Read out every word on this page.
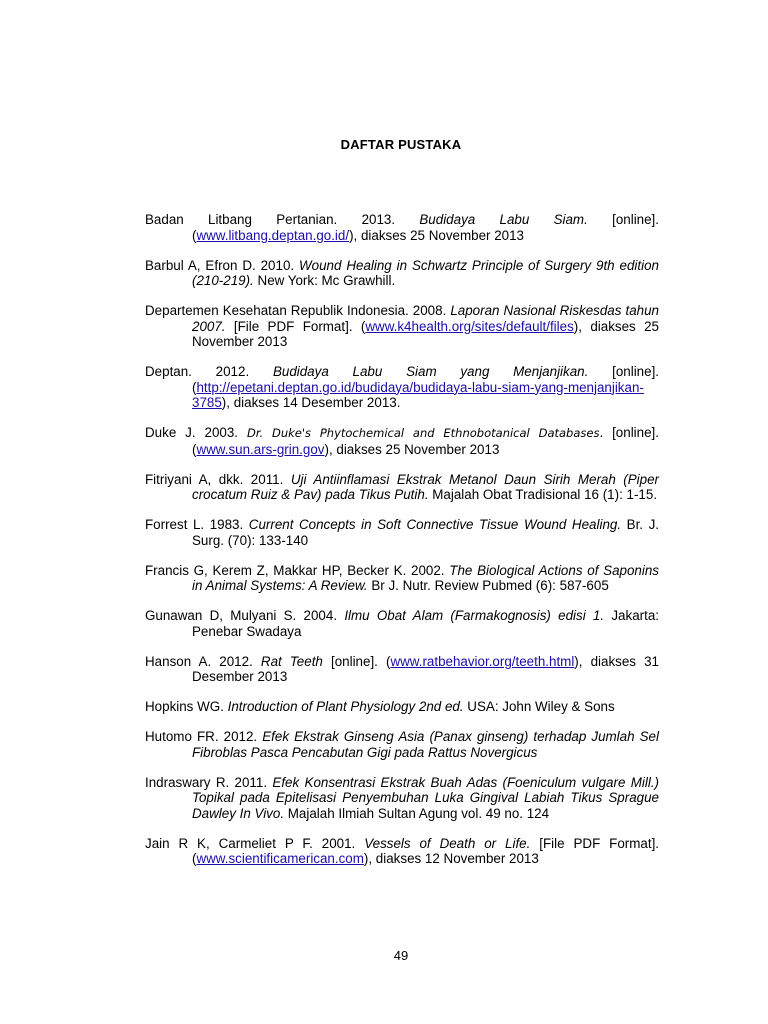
DAFTAR PUSTAKA

Badan Litbang Pertanian. 2013. Budidaya Labu Siam. [online]. (www.litbang.deptan.go.id/), diakses 25 November 2013

Barbul A, Efron D. 2010. Wound Healing in Schwartz Principle of Surgery 9th edition (210-219). New York: Mc Grawhill.

Departemen Kesehatan Republik Indonesia. 2008. Laporan Nasional Riskesdas tahun 2007. [File PDF Format]. (www.k4health.org/sites/default/files), diakses 25 November 2013

Deptan. 2012. Budidaya Labu Siam yang Menjanjikan. [online]. (http://epetani.deptan.go.id/budidaya/budidaya-labu-siam-yang-menjanjikan-3785), diakses 14 Desember 2013.

Duke J. 2003. Dr. Duke's Phytochemical and Ethnobotanical Databases. [online]. (www.sun.ars-grin.gov), diakses 25 November 2013

Fitriyani A, dkk. 2011. Uji Antiinflamasi Ekstrak Metanol Daun Sirih Merah (Piper crocatum Ruiz & Pav) pada Tikus Putih. Majalah Obat Tradisional 16 (1): 1-15.

Forrest L. 1983. Current Concepts in Soft Connective Tissue Wound Healing. Br. J. Surg. (70): 133-140

Francis G, Kerem Z, Makkar HP, Becker K. 2002. The Biological Actions of Saponins in Animal Systems: A Review. Br J. Nutr. Review Pubmed (6): 587-605

Gunawan D, Mulyani S. 2004. Ilmu Obat Alam (Farmakognosis) edisi 1. Jakarta: Penebar Swadaya

Hanson A. 2012. Rat Teeth [online]. (www.ratbehavior.org/teeth.html), diakses 31 Desember 2013

Hopkins WG. Introduction of Plant Physiology 2nd ed. USA: John Wiley & Sons

Hutomo FR. 2012. Efek Ekstrak Ginseng Asia (Panax ginseng) terhadap Jumlah Sel Fibroblas Pasca Pencabutan Gigi pada Rattus Novergicus

Indraswary R. 2011. Efek Konsentrasi Ekstrak Buah Adas (Foeniculum vulgare Mill.) Topikal pada Epitelisasi Penyembuhan Luka Gingival Labiah Tikus Sprague Dawley In Vivo. Majalah Ilmiah Sultan Agung vol. 49 no. 124

Jain R K, Carmeliet P F. 2001. Vessels of Death or Life. [File PDF Format]. (www.scientificamerican.com), diakses 12 November 2013

49
